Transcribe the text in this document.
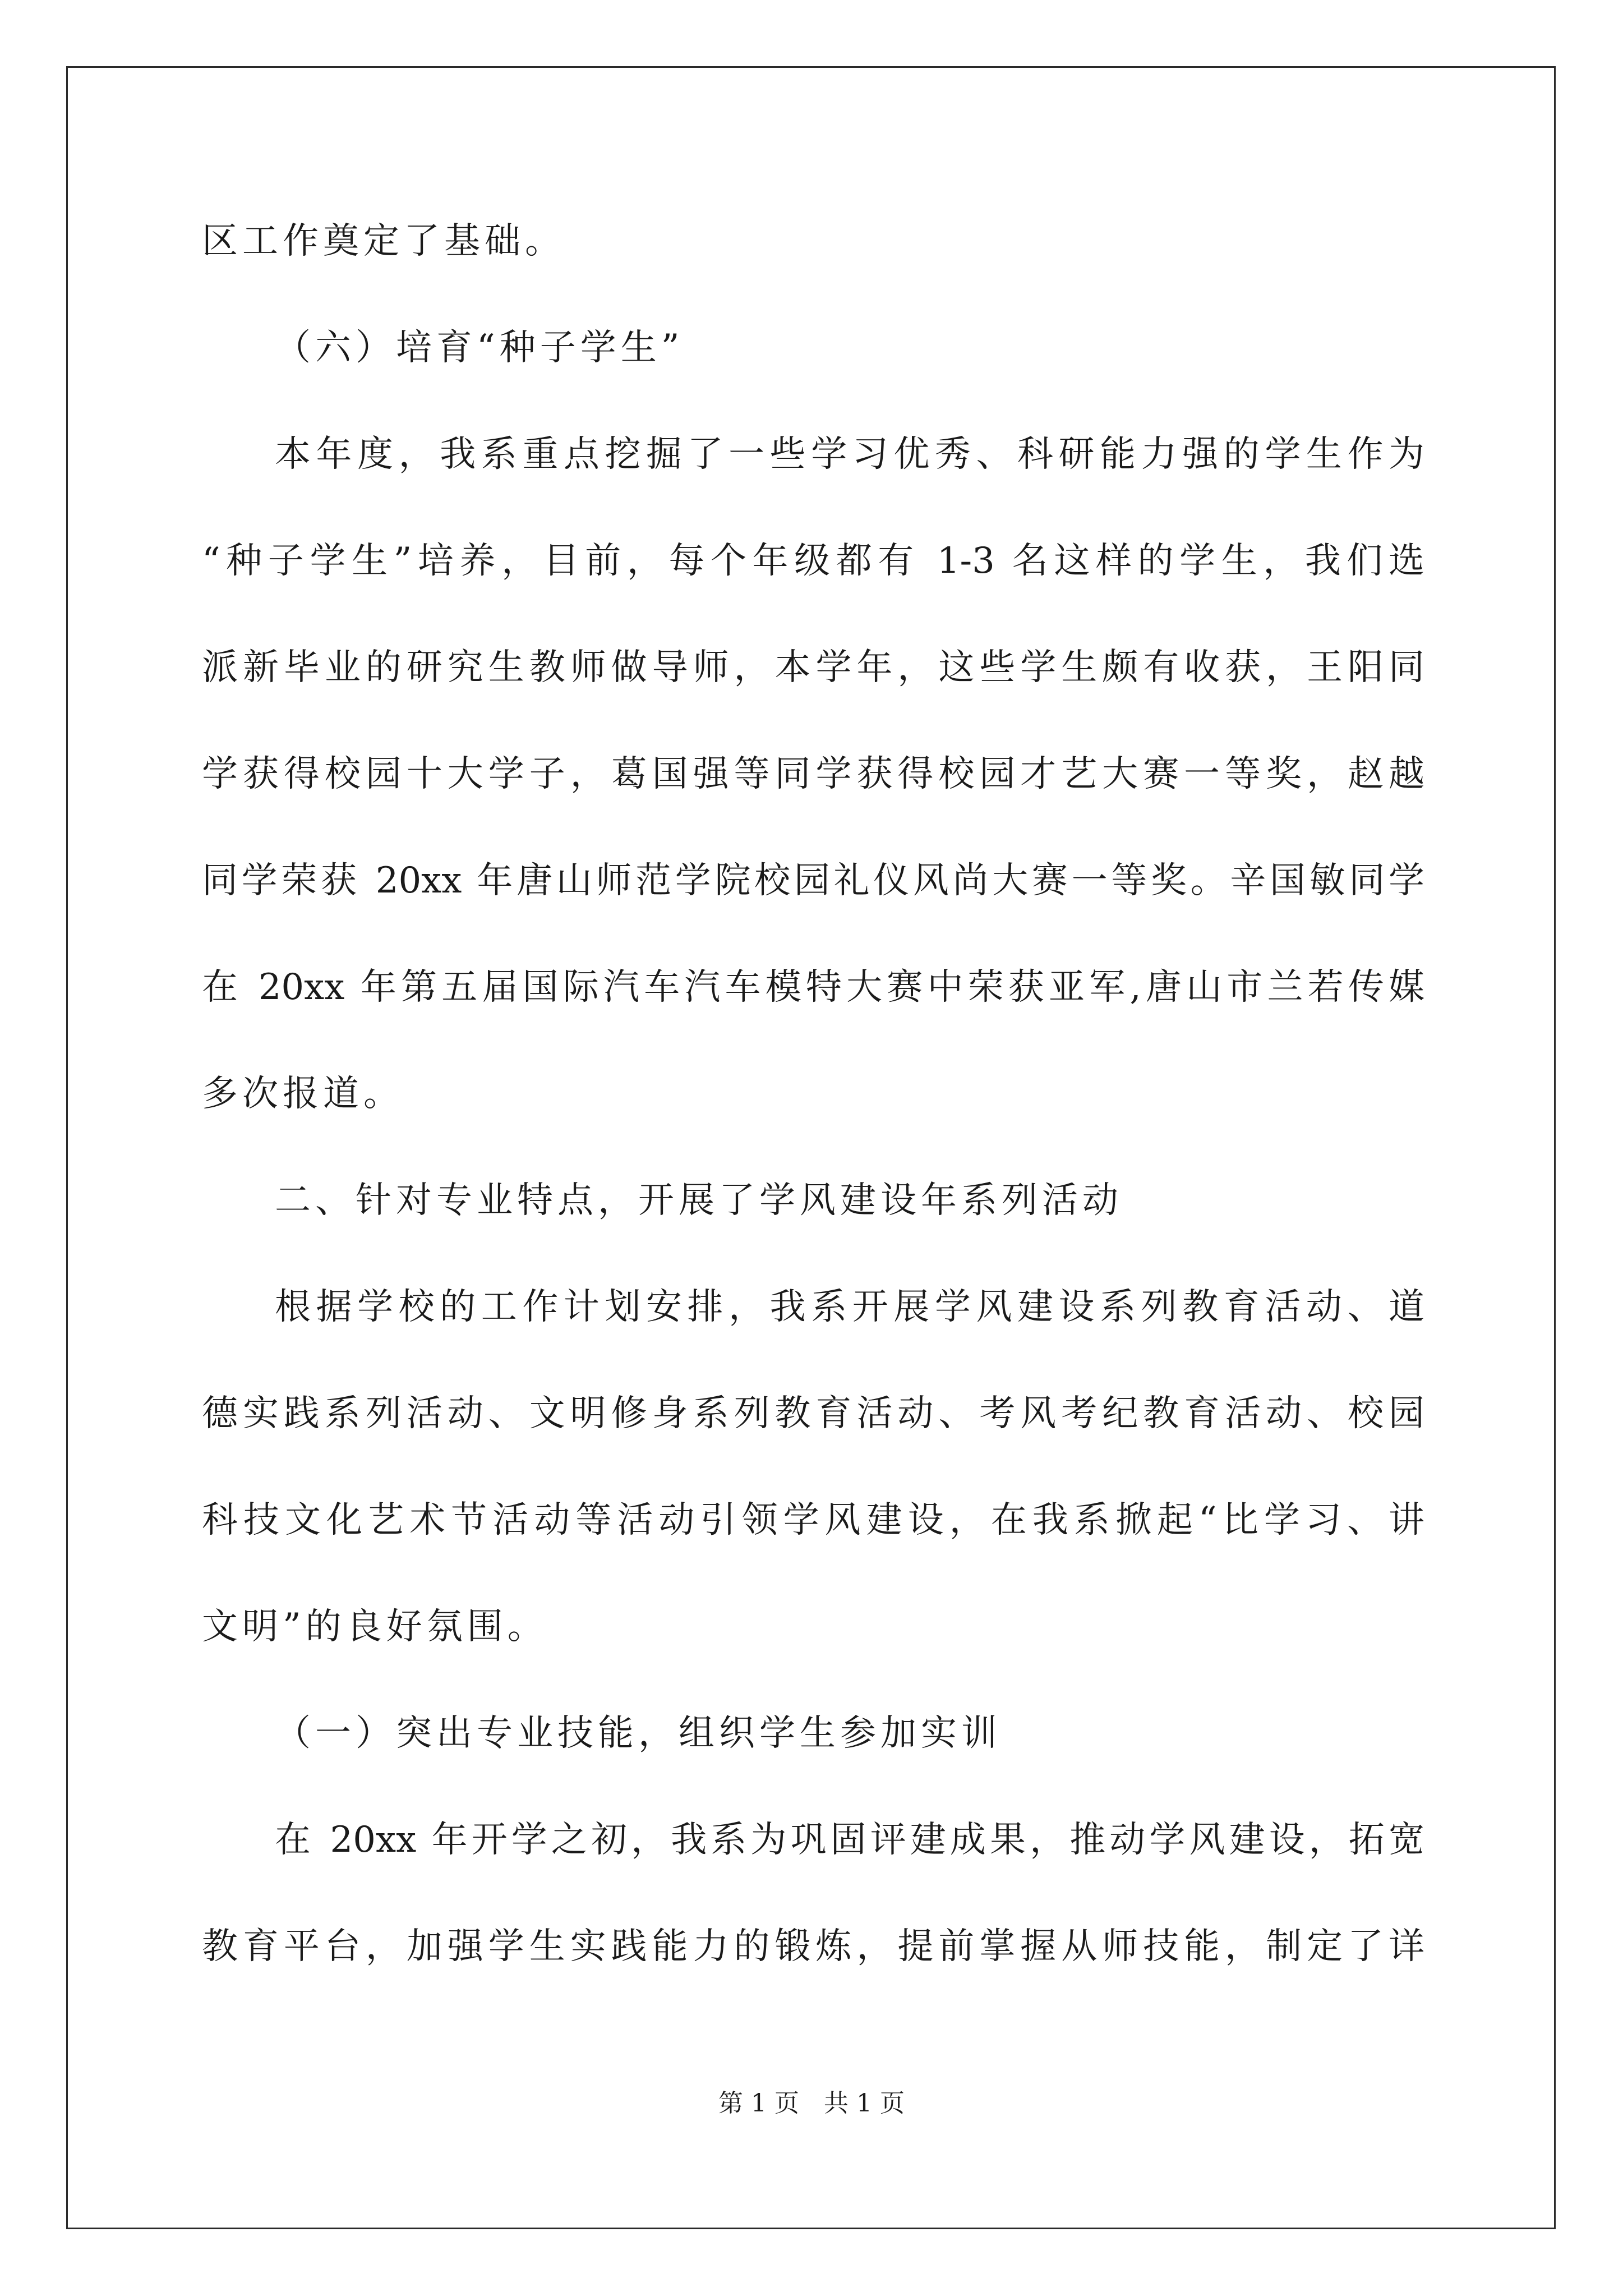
区工作奠定了基础。
（六）培育“种子学生”
本年度，我系重点挖掘了一些学习优秀、科研能力强的学生作为
“种子学生”培养，目前，每个年级都有 1-3 名这样的学生，我们选
派新毕业的研究生教师做导师，本学年，这些学生颇有收获，王阳同
学获得校园十大学子，葛国强等同学获得校园才艺大赛一等奖，赵越
同学荣获 20xx 年唐山师范学院校园礼仪风尚大赛一等奖。辛国敏同学
在 20xx 年第五届国际汽车汽车模特大赛中荣获亚军,唐山市兰若传媒
多次报道。
二、针对专业特点，开展了学风建设年系列活动
根据学校的工作计划安排，我系开展学风建设系列教育活动、道
德实践系列活动、文明修身系列教育活动、考风考纪教育活动、校园
科技文化艺术节活动等活动引领学风建设，在我系掀起“比学习、讲
文明”的良好氛围。
（一）突出专业技能，组织学生参加实训
在 20xx 年开学之初，我系为巩固评建成果，推动学风建设，拓宽
教育平台，加强学生实践能力的锻炼，提前掌握从师技能，制定了详
第 1 页 共 1 页
